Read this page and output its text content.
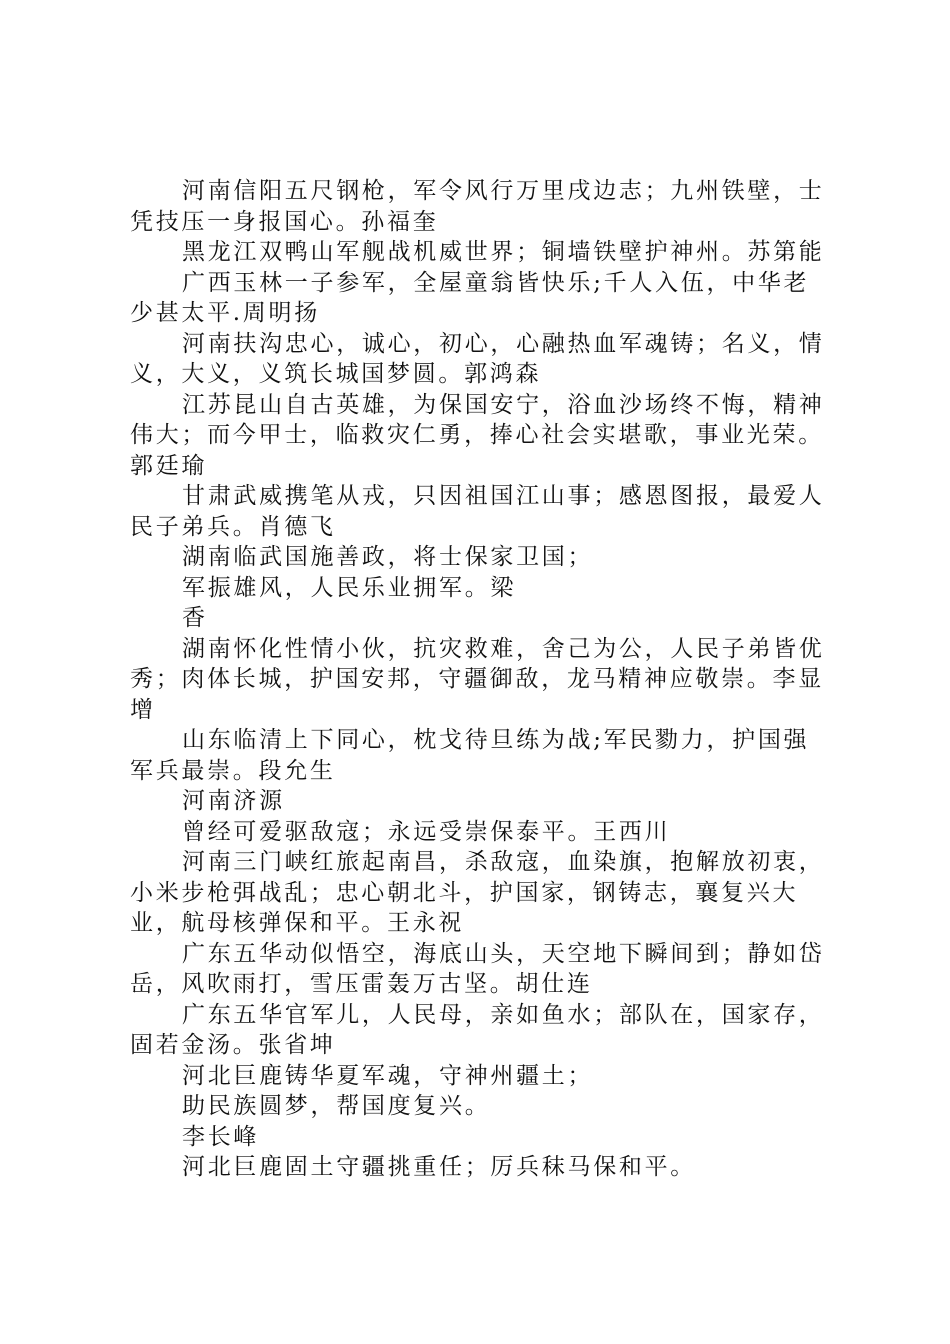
河南信阳五尺钢枪，军令风行万里戌边志；九州铁壁，士凭技压一身报国心。孙福奎

黑龙江双鸭山军舰战机威世界；铜墙铁壁护神州。苏第能

广西玉林一子参军，全屋童翁皆快乐;千人入伍，中华老少甚太平.周明扬

河南扶沟忠心，诚心，初心，心融热血军魂铸；名义，情义，大义，义筑长城国梦圆。郭鸿森

江苏昆山自古英雄，为保国安宁，浴血沙场终不悔，精神伟大；而今甲士，临救灾仁勇，捧心社会实堪歌，事业光荣。郭廷瑜

甘肃武威携笔从戎，只因祖国江山事；感恩图报，最爱人民子弟兵。肖德飞

湖南临武国施善政，将士保家卫国；

军振雄风，人民乐业拥军。梁

香

湖南怀化性情小伙，抗灾救难，舍己为公，人民子弟皆优秀；肉体长城，护国安邦，守疆御敌，龙马精神应敬崇。李显增

山东临清上下同心，枕戈待旦练为战;军民勠力，护国强军兵最崇。段允生

河南济源

曾经可爱驱敌寇；永远受崇保泰平。王西川

河南三门峡红旅起南昌，杀敌寇，血染旗，抱解放初衷，小米步枪弭战乱；忠心朝北斗，护国家，钢铸志，襄复兴大业，航母核弹保和平。王永祝

广东五华动似悟空，海底山头，天空地下瞬间到；静如岱岳，风吹雨打，雪压雷轰万古坚。胡仕连

广东五华官军儿，人民母，亲如鱼水；部队在，国家存，固若金汤。张省坤

河北巨鹿铸华夏军魂，守神州疆土；

助民族圆梦，帮国度复兴。

李长峰

河北巨鹿固土守疆挑重任；厉兵秣马保和平。
